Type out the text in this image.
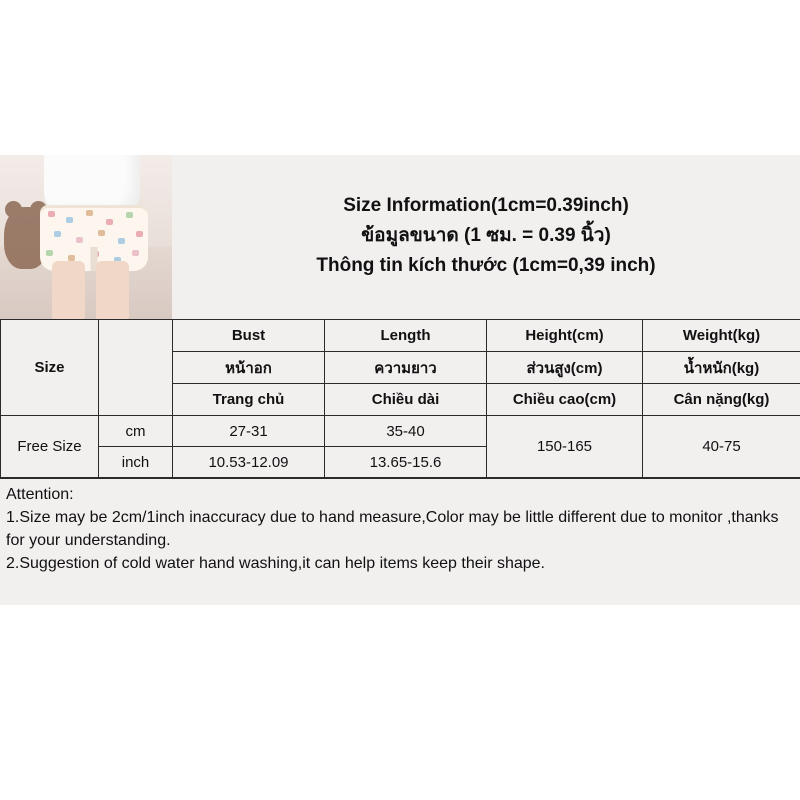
Size Information(1cm=0.39inch)
ข้อมูลขนาด (1 ซม. = 0.39 นิ้ว)
Thông tin kích thước (1cm=0,39 inch)
Size		Bust	Length	Height(cm)	Weight(kg)
		หน้าอก	ความยาว	ส่วนสูง(cm)	น้ำหนัก(kg)
		Trang chủ	Chiều dài	Chiều cao(cm)	Cân nặng(kg)
Free Size	cm	27-31	35-40	150-165	40-75
	inch	10.53-12.09	13.65-15.6		

Attention:

1.Size may be 2cm/1inch inaccuracy due to hand measure,Color may be little different due to monitor ,thanks for your understanding.

2.Suggestion of cold water hand washing,it can help items keep their shape.
